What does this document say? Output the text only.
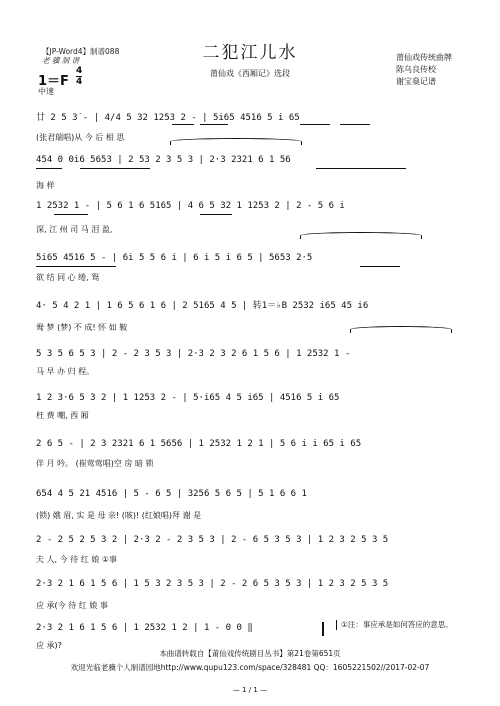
二犯江儿水
【JP-Word4】制谱088
老 骥 制 谱
莆仙戏《西厢记》选段
莆仙戏传统曲牌
陈乌良传校
谢宝燊记谱
$1=F \frac{4}{4}$
中速
廿 2 5 3̇ - | 4/4 5 32 1253 2 - | 5i65 4516 5 i 65
(张君瑞唱)从 今 后 相 思
454 0 0i6 5653 | 2 53 2 3 5 3 | 2·3 2321 6 1 56
海 样
1 2532 1 - | 5 6 1 6 5165 | 4 6 5 32 1 1253 2 | 2 - 5 6 i
深, 江 州 司 马 泪 盈,
5i65 4516 5 - | 6i 5 5 6 i | 6 i 5 i 6 5 | 5653 2·5
欲 结 同 心 绻, 鸳
4· 5 4 2 1 | 1 6 5 6 1 6 | 2 5165 4 5 | 转1＝♭B 2532 i65 45 i6
鸯 梦 (梦) 不 成! 怀 如 鞍
5 3 5 6 5 3 | 2 - 2 3 5 3 | 2·3 2 3 2 6 1 5 6 | 1 2532 1 -
马 早 办 归 程。
1 2 3·6 5 3 2 | 1 1253 2 - | 5·i65 4 5 i65 | 4516 5 i 65
枉 费 嘲, 西 厢
2 6 5 - | 2 3 2321 6 1 5656 | 1 2532 1 2 1 | 5 6 i i 65 i 65
伴 月 吟。 (崔莺莺唱)空 房 暗 锁
654 4 5 21 4516 | 5 - 6 5 | 3256 5 6 5 | 5 1 6 6 1
(锁) 娥 眉, 实 是 母 亲! (咳)! (红娘唱)拜 谢 是
2 - 2 5 2 5 3 2 | 2·3 2 - 2 3 5 3 | 2 - 6 5 3 5 3 | 1 2 3 2 5 3 5
夫 人, 今 待 红 娘 ①事
2·3 2 1 6 1 5 6 | 1 5 3 2 3 5 3 | 2 - 2 6 5 3 5 3 | 1 2 3 2 5 3 5
应 承(今 待 红 娘 事
2·3 2 1 6 1 5 6 | 1 2532 1 2 | 1 - 0 0 ‖
应 承)?
①注：事应承是如何答应的意思。
本曲谱转载自【莆仙戏传统剧目丛书】第21卷第651页
欢迎光临老骥个人制谱园地http://www.qupu123.com/space/328481 QQ：1605221502//2017-02-07
— 1 / 1 —
